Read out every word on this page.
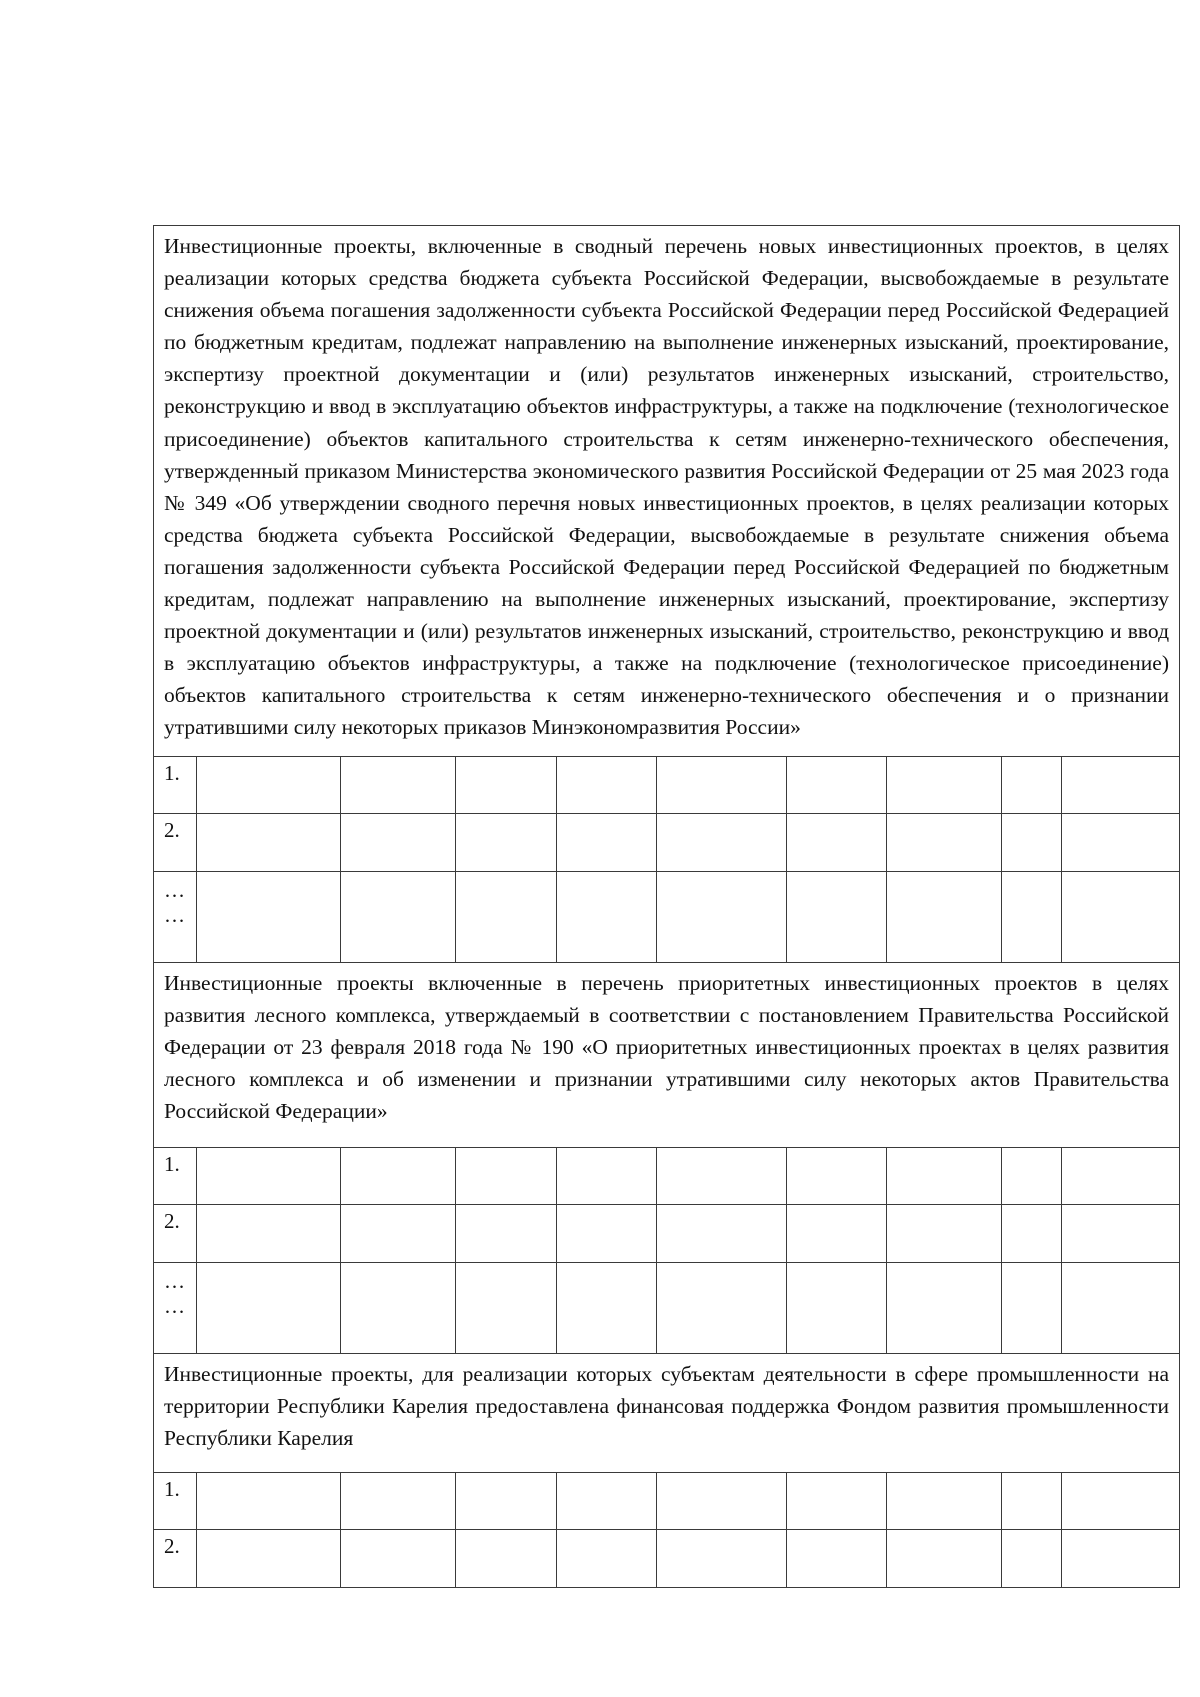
Инвестиционные проекты, включенные в сводный перечень новых инвестиционных проектов, в целях реализации которых средства бюджета субъекта Российской Федерации, высвобождаемые в результате снижения объема погашения задолженности субъекта Российской Федерации перед Российской Федерацией по бюджетным кредитам, подлежат направлению на выполнение инженерных изысканий, проектирование, экспертизу проектной документации и (или) результатов инженерных изысканий, строительство, реконструкцию и ввод в эксплуатацию объектов инфраструктуры, а также на подключение (технологическое присоединение) объектов капитального строительства к сетям инженерно-технического обеспечения, утвержденный приказом Министерства экономического развития Российской Федерации от 25 мая 2023 года № 349 «Об утверждении сводного перечня новых инвестиционных проектов, в целях реализации которых средства бюджета субъекта Российской Федерации, высвобождаемые в результате снижения объема погашения задолженности субъекта Российской Федерации перед Российской Федерацией по бюджетным кредитам, подлежат направлению на выполнение инженерных изысканий, проектирование, экспертизу проектной документации и (или) результатов инженерных изысканий, строительство, реконструкцию и ввод в эксплуатацию объектов инфраструктуры, а также на подключение (технологическое присоединение) объектов капитального строительства к сетям инженерно-технического обеспечения и о признании утратившими силу некоторых приказов Минэкономразвития России»									
1.									
2.									
…
…									
Инвестиционные проекты включенные в перечень приоритетных инвестиционных проектов в целях развития лесного комплекса, утверждаемый в соответствии с постановлением Правительства Российской Федерации от 23 февраля 2018 года № 190 «О приоритетных инвестиционных проектах в целях развития лесного комплекса и об изменении и признании утратившими силу некоторых актов Правительства Российской Федерации»									
1.									
2.									
…
…									
Инвестиционные проекты, для реализации которых субъектам деятельности в сфере промышленности на территории Республики Карелия предоставлена финансовая поддержка Фондом развития промышленности Республики Карелия									
1.									
2.									
